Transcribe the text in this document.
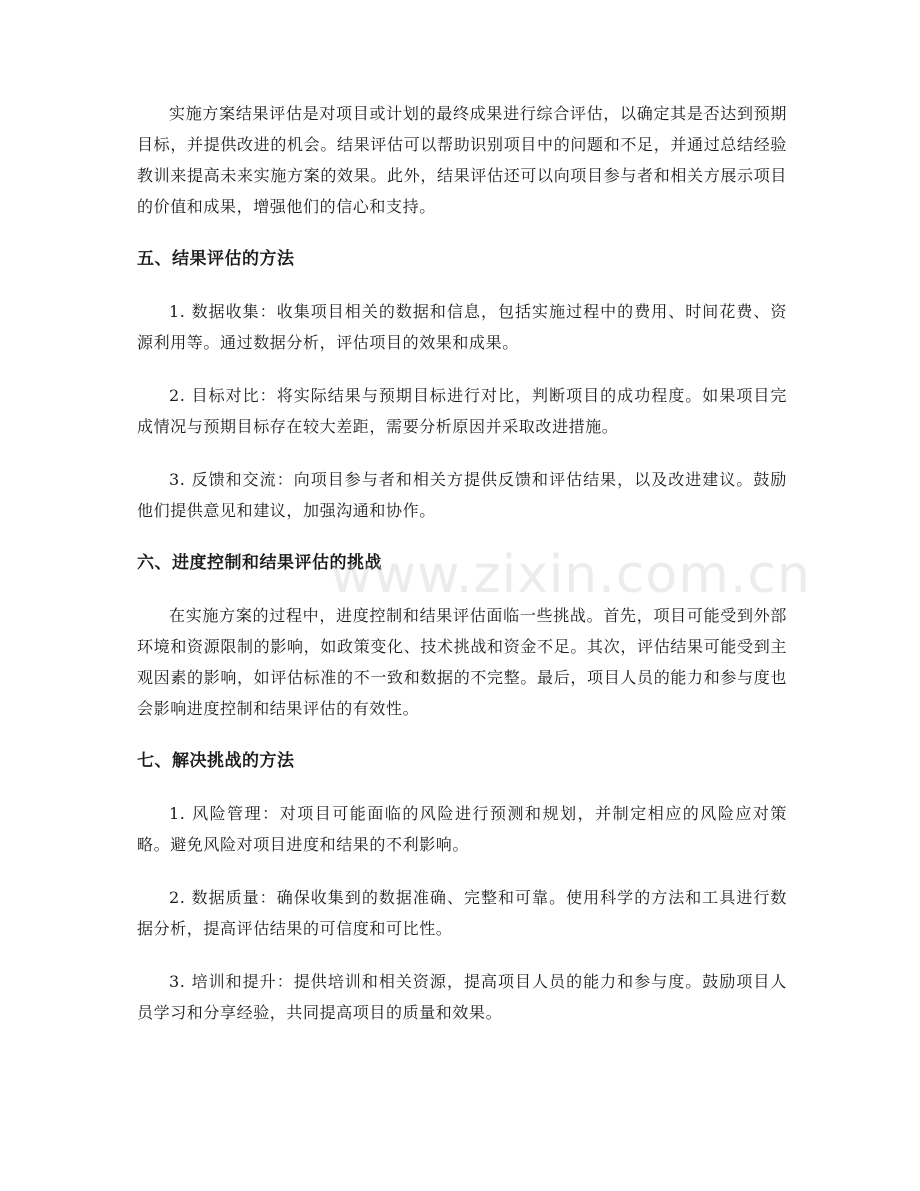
实施方案结果评估是对项目或计划的最终成果进行综合评估，以确定其是否达到预期目标，并提供改进的机会。结果评估可以帮助识别项目中的问题和不足，并通过总结经验教训来提高未来实施方案的效果。此外，结果评估还可以向项目参与者和相关方展示项目的价值和成果，增强他们的信心和支持。

五、结果评估的方法

1. 数据收集：收集项目相关的数据和信息，包括实施过程中的费用、时间花费、资源利用等。通过数据分析，评估项目的效果和成果。

2. 目标对比：将实际结果与预期目标进行对比，判断项目的成功程度。如果项目完成情况与预期目标存在较大差距，需要分析原因并采取改进措施。

3. 反馈和交流：向项目参与者和相关方提供反馈和评估结果，以及改进建议。鼓励他们提供意见和建议，加强沟通和协作。

六、进度控制和结果评估的挑战

在实施方案的过程中，进度控制和结果评估面临一些挑战。首先，项目可能受到外部环境和资源限制的影响，如政策变化、技术挑战和资金不足。其次，评估结果可能受到主观因素的影响，如评估标准的不一致和数据的不完整。最后，项目人员的能力和参与度也会影响进度控制和结果评估的有效性。

七、解决挑战的方法

1. 风险管理：对项目可能面临的风险进行预测和规划，并制定相应的风险应对策略。避免风险对项目进度和结果的不利影响。

2. 数据质量：确保收集到的数据准确、完整和可靠。使用科学的方法和工具进行数据分析，提高评估结果的可信度和可比性。

3. 培训和提升：提供培训和相关资源，提高项目人员的能力和参与度。鼓励项目人员学习和分享经验，共同提高项目的质量和效果。

www.zixin.com.cn
